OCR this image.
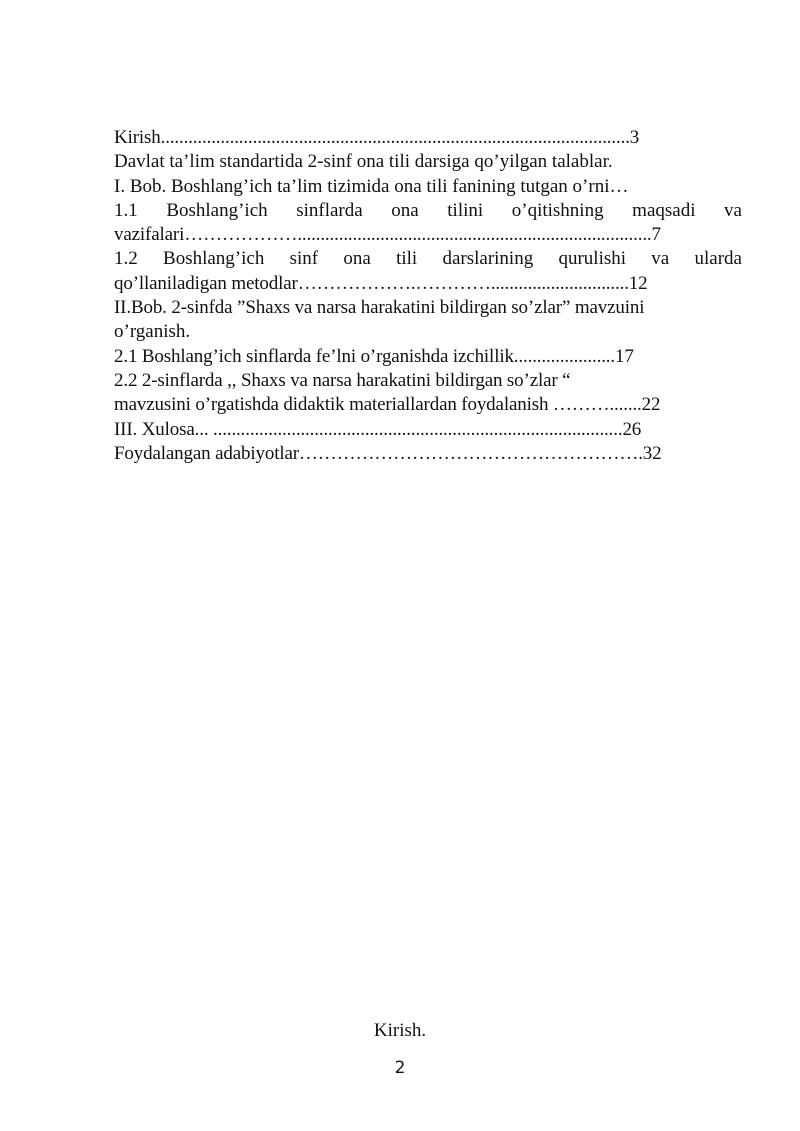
Kirish......................................................................................................3
Davlat ta’lim standartida 2-sinf ona tili darsiga qo’yilgan talablar.
I. Bob. Boshlang’ich ta’lim tizimida ona tili fanining tutgan o’rni…
1.1 Boshlang’ich sinflarda ona tilini o’qitishning maqsadi va
vazifalari……………….............................................................................7
1.2 Boshlang’ich sinf ona tili darslarining qurulishi va ularda
qo’llaniladigan metodlar……………….…………..............................12
II.Bob. 2-sinfda ”Shaxs va narsa harakatini bildirgan so’zlar” mavzuini
o’rganish.
2.1 Boshlang’ich sinflarda fe’lni o’rganishda izchillik......................17
2.2 2-sinflarda ,, Shaxs va narsa harakatini bildirgan so’zlar “
mavzusini o’rgatishda didaktik materiallardan foydalanish ……….......22
III. Xulosa... .........................................................................................26
Foydalangan adabiyotlar……………………………………………….32
Kirish.
2
